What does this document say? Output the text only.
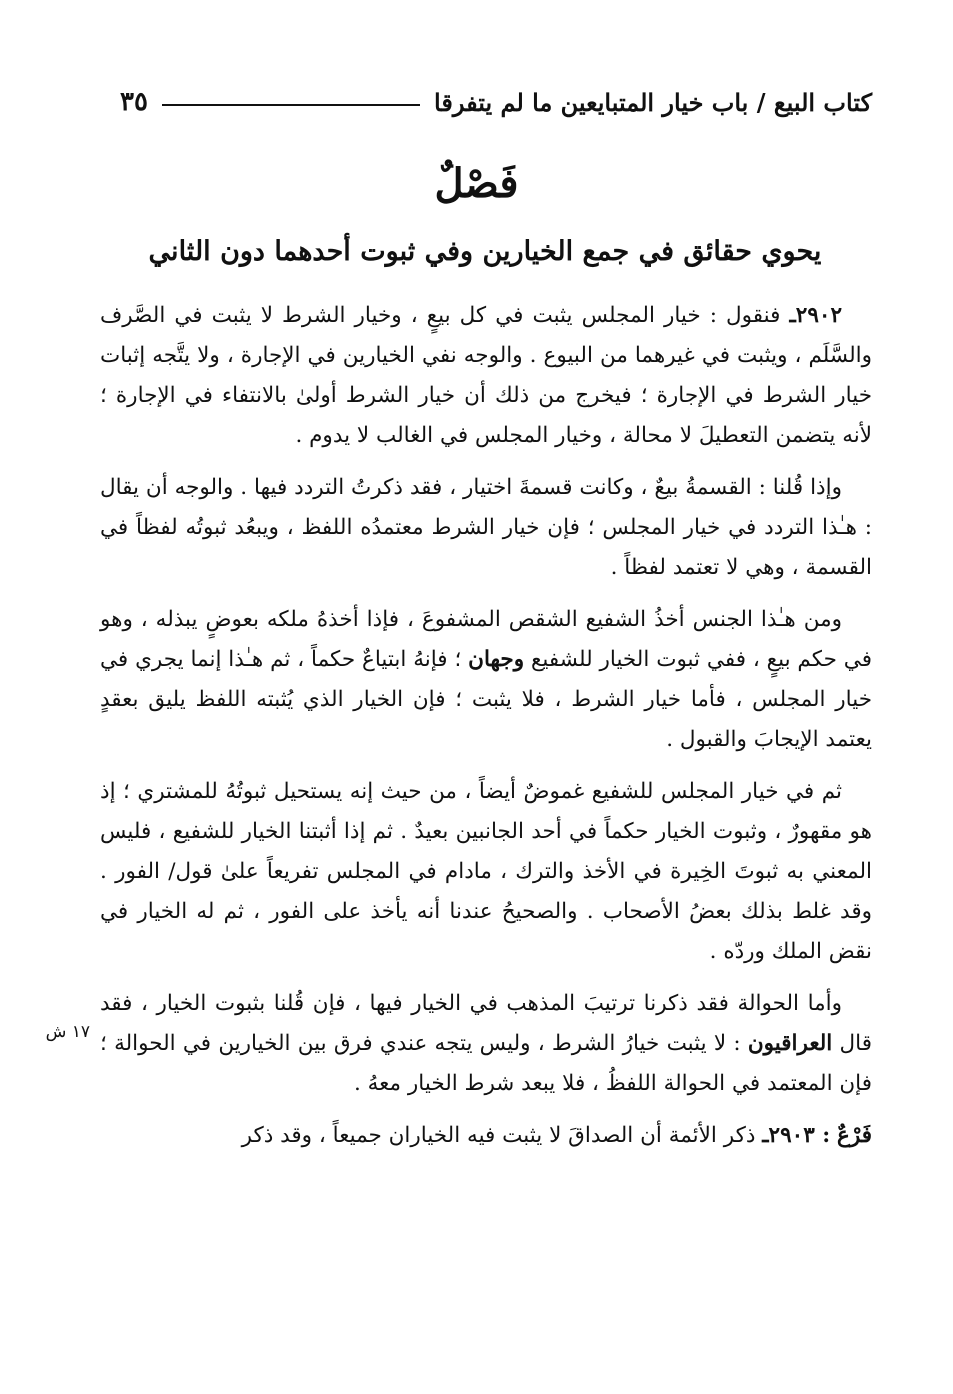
كتاب البيع / باب خيار المتبايعين ما لم يتفرقا
٣٥
فَصْلٌ
يحوي حقائق في جمع الخيارين وفي ثبوت أحدهما دون الثاني

٢٩٠٢ـ فنقول : خيار المجلس يثبت في كل بيعٍ ، وخيار الشرط لا يثبت في الصَّرف والسَّلَم ، ويثبت في غيرهما من البيوع . والوجه نفي الخيارين في الإجارة ، ولا يتَّجه إثبات خيار الشرط في الإجارة ؛ فيخرج من ذلك أن خيار الشرط أولىٰ بالانتفاء في الإجارة ؛ لأنه يتضمن التعطيلَ لا محالة ، وخيار المجلس في الغالب لا يدوم .

وإذا قُلنا : القسمةُ بيعٌ ، وكانت قسمةَ اختيار ، فقد ذكرتُ التردد فيها . والوجه أن يقال : هـٰذا التردد في خيار المجلس ؛ فإن خيار الشرط معتمدُه اللفظ ، ويبعُد ثبوتُه لفظاً في القسمة ، وهي لا تعتمد لفظاً .

ومن هـٰذا الجنس أخذُ الشفيع الشقص المشفوعَ ، فإذا أخذهُ ملكه بعوضٍ يبذله ، وهو في حكم بيعٍ ، ففي ثبوت الخيار للشفيع وجهان ؛ فإنهُ ابتياعٌ حكماً ، ثم هـٰذا إنما يجري في خيار المجلس ، فأما خيار الشرط ، فلا يثبت ؛ فإن الخيار الذي يُثبته اللفظ يليق بعقدٍ يعتمد الإيجابَ والقبول .

ثم في خيار المجلس للشفيع غموضٌ أيضاً ، من حيث إنه يستحيل ثبوتُهُ للمشتري ؛ إذ هو مقهورٌ ، وثبوت الخيار حكماً في أحد الجانبين بعيدٌ . ثم إذا أثبتنا الخيار للشفيع ، فليس المعني به ثبوتَ الخِيرة في الأخذ والترك ، مادام في المجلس تفريعاً علىٰ قول/ الفور . وقد غلط بذلك بعضُ الأصحاب . والصحيحُ عندنا أنه يأخذ على الفور ، ثم له الخيار في نقض الملك وردّه .

وأما الحوالة فقد ذكرنا ترتيبَ المذهب في الخيار فيها ، فإن قُلنا بثبوت الخيار ، فقد قال العراقيون : لا يثبت خيارُ الشرط ، وليس يتجه عندي فرق بين الخيارين في الحوالة ؛ فإن المعتمد في الحوالة اللفظُ ، فلا يبعد شرط الخيار معهُ .

فَرْعٌ : ٢٩٠٣ـ ذكر الأئمة أن الصداقَ لا يثبت فيه الخياران جميعاً ، وقد ذكر

١٧ ش
